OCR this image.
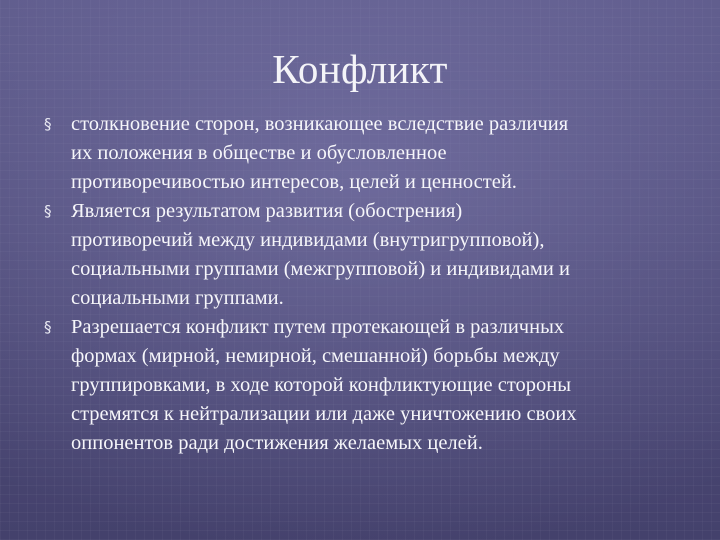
Конфликт
§ столкновение сторон, возникающее вследствие различия
их положения в обществе и обусловленное
противоречивостью интересов, целей и ценностей.
§ Является результатом развития (обострения)
противоречий между индивидами (внутригрупповой),
социальными группами (межгрупповой) и индивидами и
социальными группами.
§ Разрешается конфликт путем протекающей в различных
формах (мирной, немирной, смешанной) борьбы между
группировками, в ходе которой конфликтующие стороны
стремятся к нейтрализации или даже уничтожению своих
оппонентов ради достижения желаемых целей.
